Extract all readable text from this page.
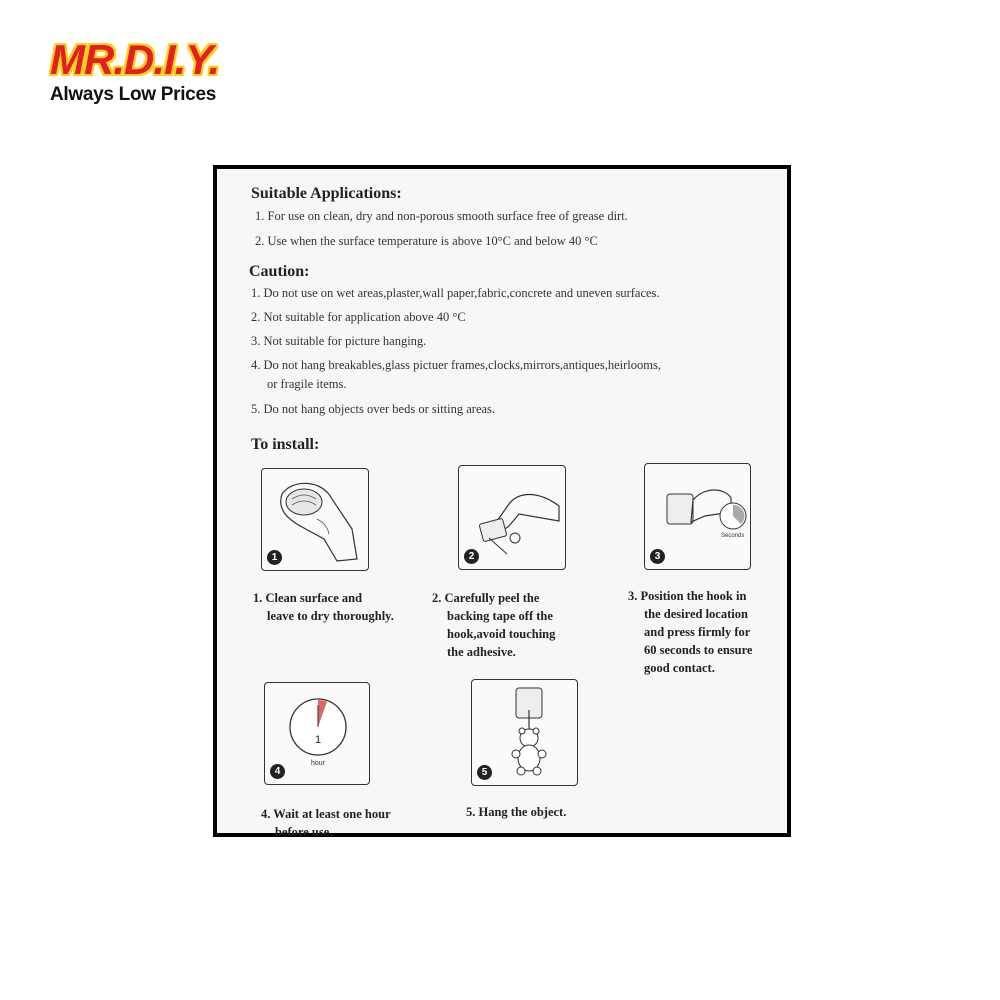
MR.D.I.Y.
Always Low Prices
Suitable Applications:
1. For use on clean, dry and non-porous smooth surface free of grease dirt.
2. Use when the surface temperature is above 10°C and below 40 °C
Caution:
1. Do not use on wet areas,plaster,wall paper,fabric,concrete and uneven surfaces.
2. Not suitable for application above 40 °C
3. Not suitable for picture hanging.
4. Do not hang breakables,glass pictuer frames,clocks,mirrors,antiques,heirlooms,
or fragile items.
5. Do not hang objects over beds or sitting areas.
To install:
1	2
Seconds
3
1
hour
4	5
1. Clean surface and
leave to dry thoroughly.
2. Carefully peel the
backing tape off the
hook,avoid touching
the adhesive.
3. Position the hook in
the desired location
and press firmly for
60 seconds to ensure
good contact.
4. Wait at least one hour
before use.
5. Hang the object.
